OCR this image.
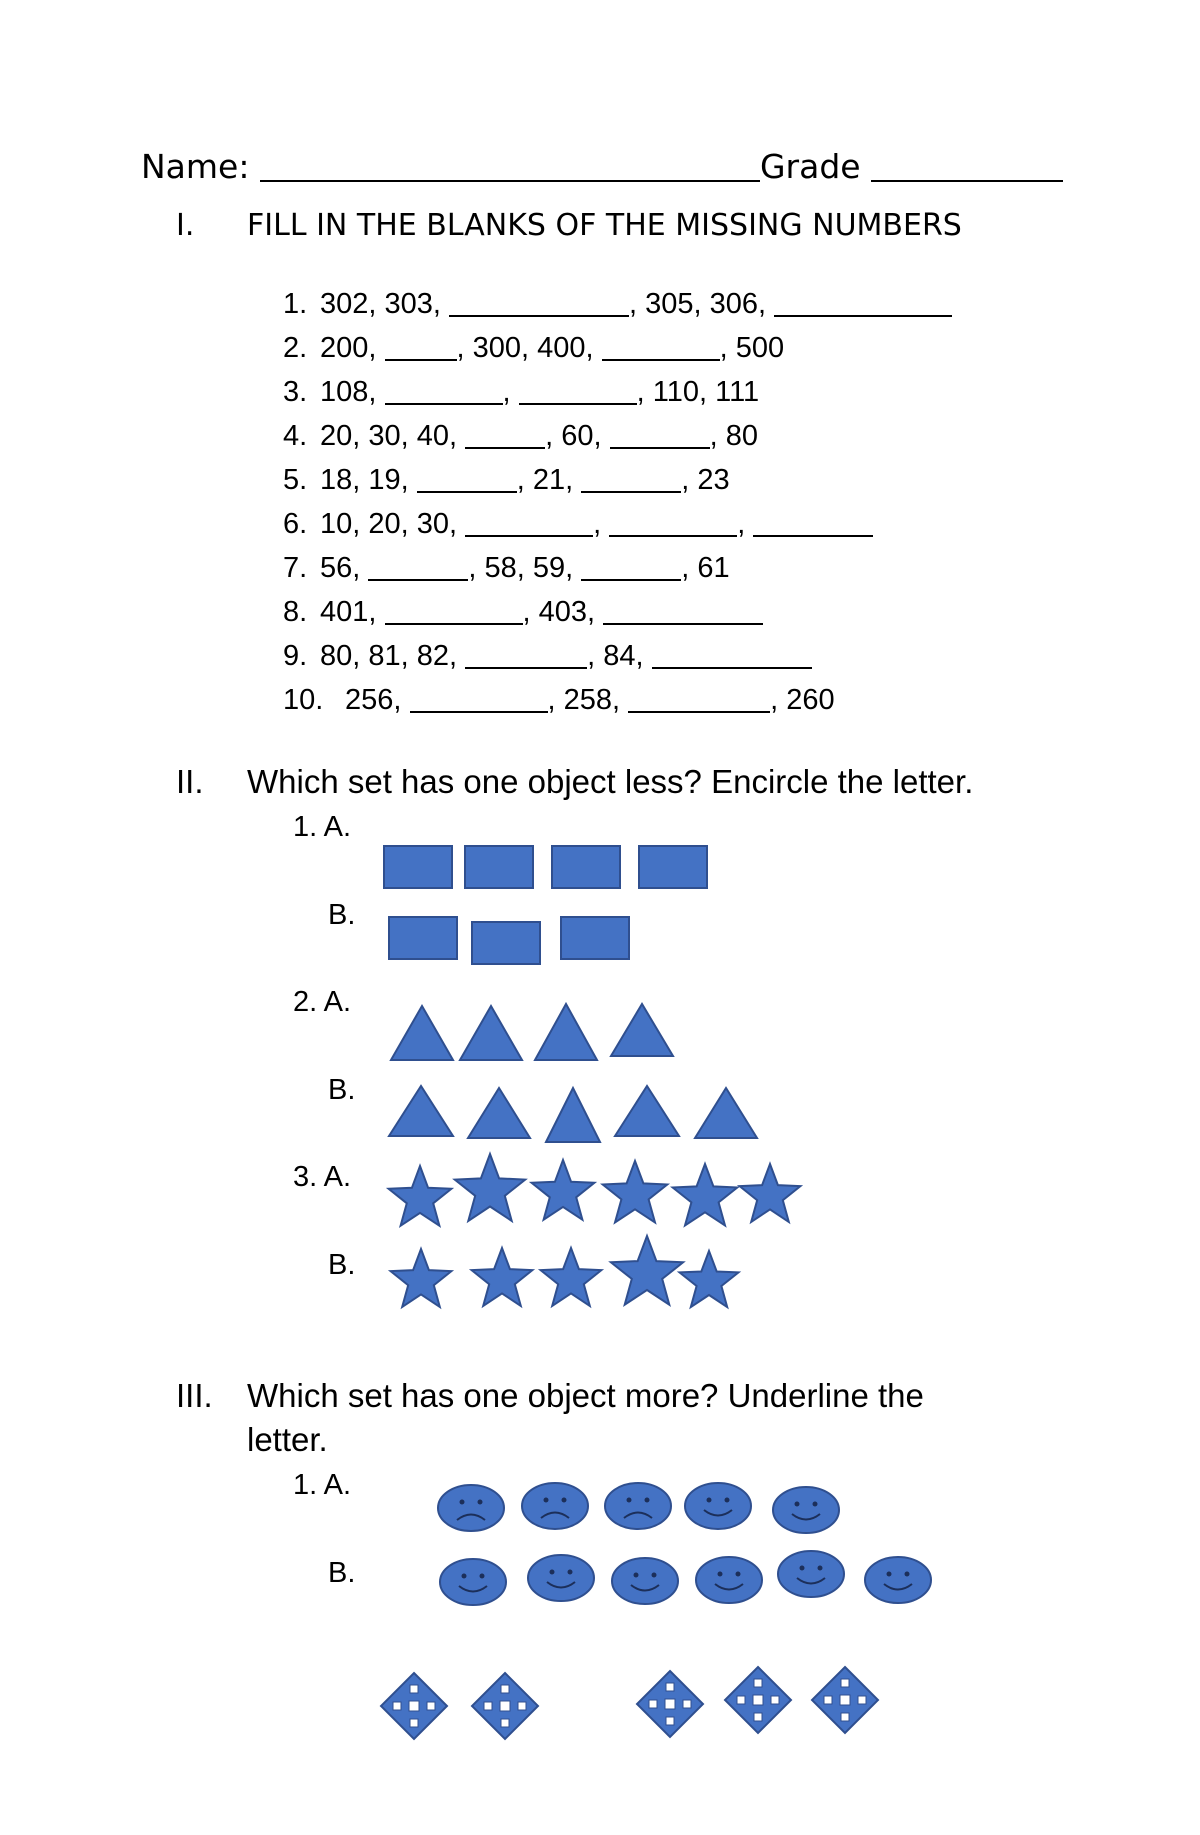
Name:	Grade
I. FILL IN THE BLANKS OF THE MISSING NUMBERS
1. 302, 303,	, 305, 306,
2. 200, , 300, 400,	, 500
3. 108,	,	, 110, 111
4. 20, 30, 40,	, 60,	, 80
5. 18, 19,	, 21,	, 23
6. 10, 20, 30,	,	,
7. 56,	, 58, 59,	, 61
8. 401,	, 403,
9. 80, 81, 82,	, 84,
10. 256,	, 258,	, 260
II. Which set has one object less? Encircle the letter.
1. A.
B.
2. A.
B.
3. A.
B.
III. Which set has one object more? Underline the
letter.
1. A.
B.
